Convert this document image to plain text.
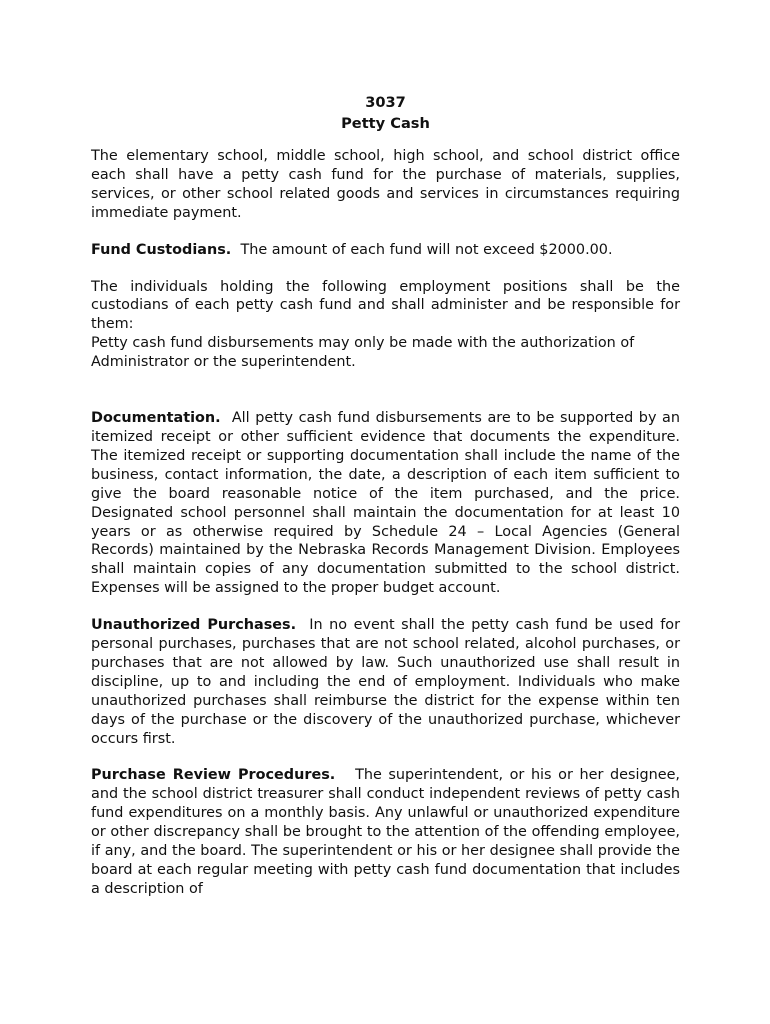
3037
Petty Cash

The elementary school, middle school, high school, and school district office each shall have a petty cash fund for the purchase of materials, supplies, services, or other school related goods and services in circumstances requiring immediate payment.

Fund Custodians. The amount of each fund will not exceed $2000.00.

The individuals holding the following employment positions shall be the custodians of each petty cash fund and shall administer and be responsible for them:

Petty cash fund disbursements may only be made with the authorization of Administrator or the superintendent.

Documentation. All petty cash fund disbursements are to be supported by an itemized receipt or other sufficient evidence that documents the expenditure. The itemized receipt or supporting documentation shall include the name of the business, contact information, the date, a description of each item sufficient to give the board reasonable notice of the item purchased, and the price. Designated school personnel shall maintain the documentation for at least 10 years or as otherwise required by Schedule 24 – Local Agencies (General Records) maintained by the Nebraska Records Management Division. Employees shall maintain copies of any documentation submitted to the school district. Expenses will be assigned to the proper budget account.

Unauthorized Purchases. In no event shall the petty cash fund be used for personal purchases, purchases that are not school related, alcohol purchases, or purchases that are not allowed by law. Such unauthorized use shall result in discipline, up to and including the end of employment. Individuals who make unauthorized purchases shall reimburse the district for the expense within ten days of the purchase or the discovery of the unauthorized purchase, whichever occurs first.

Purchase Review Procedures. The superintendent, or his or her designee, and the school district treasurer shall conduct independent reviews of petty cash fund expenditures on a monthly basis. Any unlawful or unauthorized expenditure or other discrepancy shall be brought to the attention of the offending employee, if any, and the board. The superintendent or his or her designee shall provide the board at each regular meeting with petty cash fund documentation that includes a description of
